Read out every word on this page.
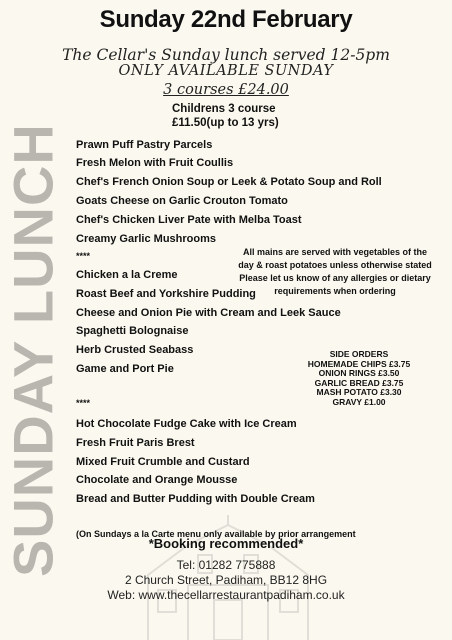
Sunday 22nd February
The Cellar's Sunday lunch served 12-5pm
ONLY AVAILABLE SUNDAY
3 courses £24.00
Childrens 3 course
£11.50(up to 13 yrs)
SUNDAY LUNCH Prawn Puff Pastry Parcels
Fresh Melon with Fruit Coullis
Chef's French Onion Soup or Leek & Potato Soup and Roll
Goats Cheese on Garlic Crouton Tomato
Chef's Chicken Liver Pate with Melba Toast
Creamy Garlic Mushrooms
****	All mains are served with vegetables of the
day & roast potatoes unless otherwise stated
Please let us know of any allergies or dietary
requirements when ordering
Chicken a la Creme
Roast Beef and Yorkshire Pudding
Cheese and Onion Pie with Cream and Leek Sauce
Spaghetti Bolognaise
Herb Crusted Seabass
Game and Port Pie
SIDE ORDERS
HOMEMADE CHIPS £3.75
ONION RINGS £3.50
GARLIC BREAD £3.75
MASH POTATO £3.30
GRAVY £1.00
****
Hot Chocolate Fudge Cake with Ice Cream
Fresh Fruit Paris Brest
Mixed Fruit Crumble and Custard
Chocolate and Orange Mousse
Bread and Butter Pudding with Double Cream
(On Sundays a la Carte menu only available by prior arrangement
*Booking recommended*
Tel: 01282 775888
2 Church Street, Padiham, BB12 8HG
Web: www.thecellarrestaurantpadiham.co.uk
